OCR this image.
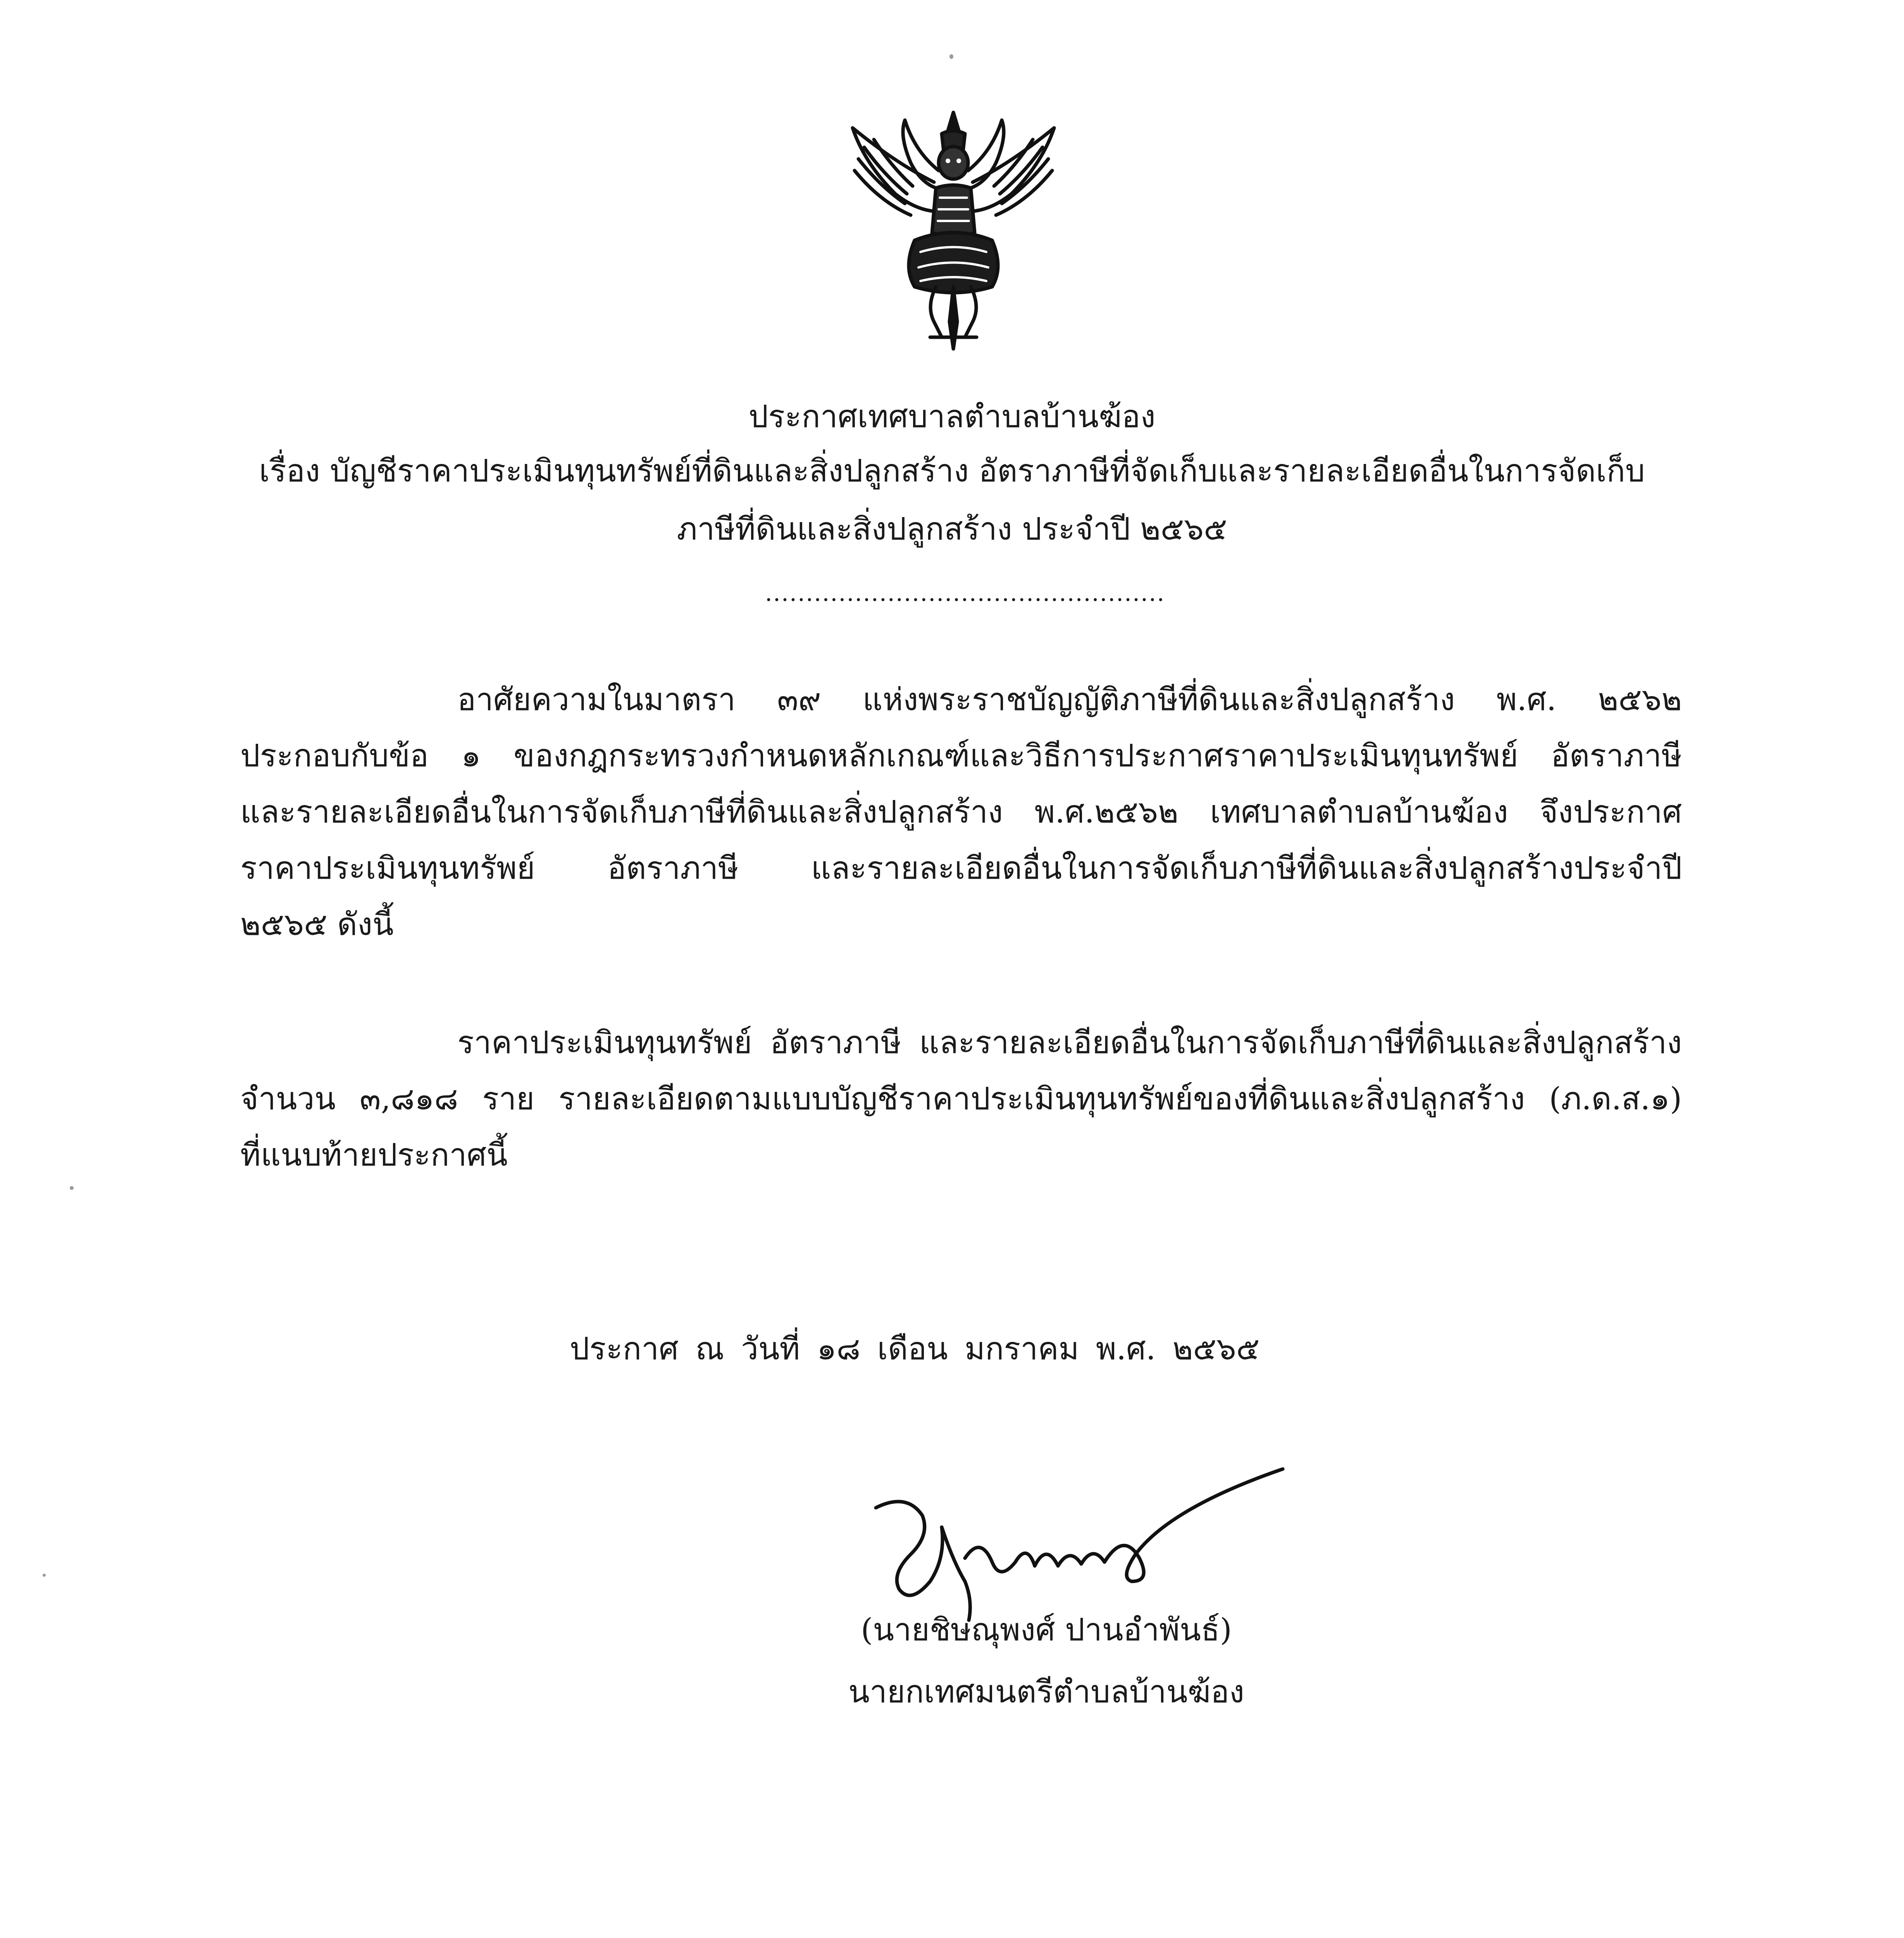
ประกาศเทศบาลตำบลบ้านฆ้อง
เรื่อง บัญชีราคาประเมินทุนทรัพย์ที่ดินและสิ่งปลูกสร้าง อัตราภาษีที่จัดเก็บและรายละเอียดอื่นในการจัดเก็บ
ภาษีที่ดินและสิ่งปลูกสร้าง ประจำปี ๒๕๖๕
.................................................
อาศัยความในมาตรา ๓๙ แห่งพระราชบัญญัติภาษีที่ดินและสิ่งปลูกสร้าง พ.ศ. ๒๕๖๒
ประกอบกับข้อ ๑ ของกฎกระทรวงกำหนดหลักเกณฑ์และวิธีการประกาศราคาประเมินทุนทรัพย์ อัตราภาษี
และรายละเอียดอื่นในการจัดเก็บภาษีที่ดินและสิ่งปลูกสร้าง พ.ศ.๒๕๖๒ เทศบาลตำบลบ้านฆ้อง จึงประกาศ
ราคาประเมินทุนทรัพย์ อัตราภาษี และรายละเอียดอื่นในการจัดเก็บภาษีที่ดินและสิ่งปลูกสร้างประจำปี
๒๕๖๕ ดังนี้
ราคาประเมินทุนทรัพย์ อัตราภาษี และรายละเอียดอื่นในการจัดเก็บภาษีที่ดินและสิ่งปลูกสร้าง
จำนวน ๓,๘๑๘ ราย รายละเอียดตามแบบบัญชีราคาประเมินทุนทรัพย์ของที่ดินและสิ่งปลูกสร้าง (ภ.ด.ส.๑)
ที่แนบท้ายประกาศนี้
ประกาศ ณ วันที่ ๑๘ เดือน มกราคม พ.ศ. ๒๕๖๕
(นายชิษณุพงศ์ ปานอำพันธ์)
นายกเทศมนตรีตำบลบ้านฆ้อง
